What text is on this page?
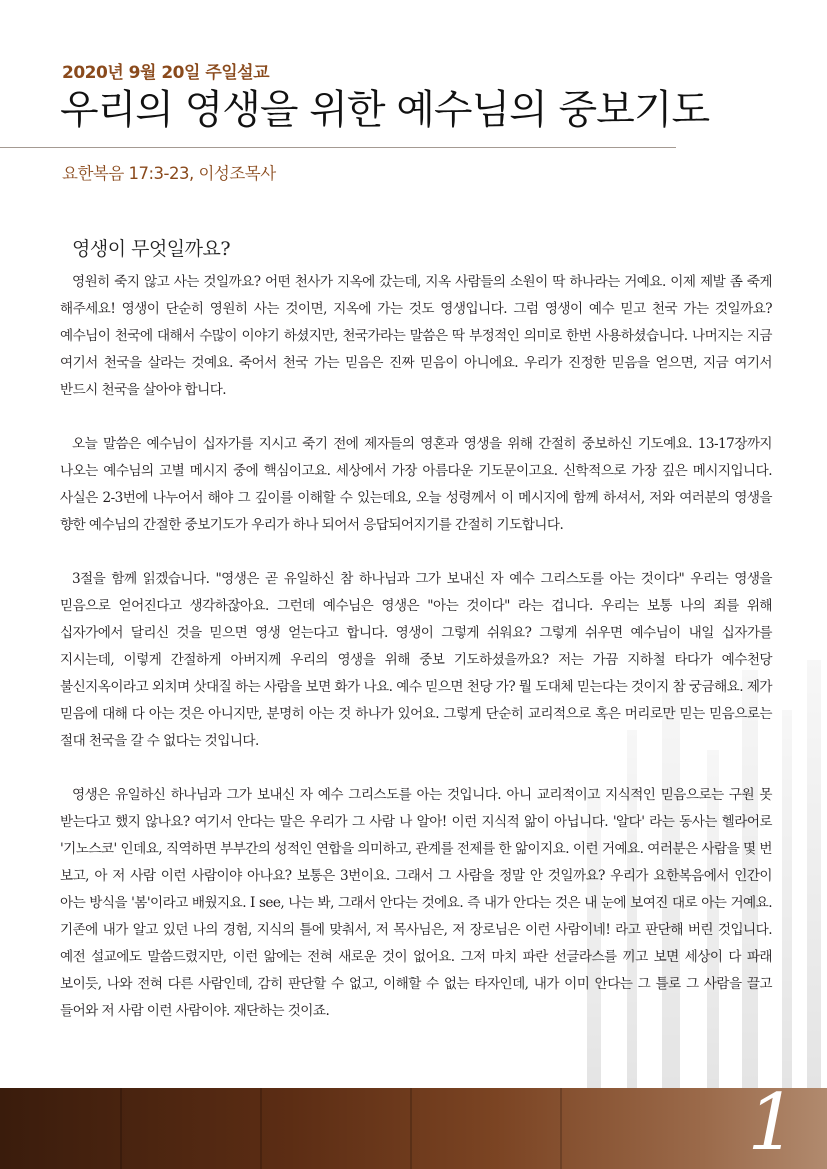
2020년 9월 20일 주일설교
우리의 영생을 위한 예수님의 중보기도
요한복음 17:3-23, 이성조목사
영생이 무엇일까요?

영원히 죽지 않고 사는 것일까요? 어떤 천사가 지옥에 갔는데, 지옥 사람들의 소원이 딱 하나라는 거예요. 이제 제발 좀 죽게 해주세요! 영생이 단순히 영원히 사는 것이면, 지옥에 가는 것도 영생입니다. 그럼 영생이 예수 믿고 천국 가는 것일까요? 예수님이 천국에 대해서 수많이 이야기 하셨지만, 천국가라는 말씀은 딱 부정적인 의미로 한번 사용하셨습니다. 나머지는 지금 여기서 천국을 살라는 것예요. 죽어서 천국 가는 믿음은 진짜 믿음이 아니에요. 우리가 진정한 믿음을 얻으면, 지금 여기서 반드시 천국을 살아야 합니다.

오늘 말씀은 예수님이 십자가를 지시고 죽기 전에 제자들의 영혼과 영생을 위해 간절히 중보하신 기도예요. 13-17장까지 나오는 예수님의 고별 메시지 중에 핵심이고요. 세상에서 가장 아름다운 기도문이고요. 신학적으로 가장 깊은 메시지입니다. 사실은 2-3번에 나누어서 해야 그 깊이를 이해할 수 있는데요, 오늘 성령께서 이 메시지에 함께 하셔서, 저와 여러분의 영생을 향한 예수님의 간절한 중보기도가 우리가 하나 되어서 응답되어지기를 간절히 기도합니다.

3절을 함께 읽겠습니다. "영생은 곧 유일하신 참 하나님과 그가 보내신 자 예수 그리스도를 아는 것이다" 우리는 영생을 믿음으로 얻어진다고 생각하잖아요. 그런데 예수님은 영생은 "아는 것이다" 라는 겁니다. 우리는 보통 나의 죄를 위해 십자가에서 달리신 것을 믿으면 영생 얻는다고 합니다. 영생이 그렇게 쉬워요? 그렇게 쉬우면 예수님이 내일 십자가를 지시는데, 이렇게 간절하게 아버지께 우리의 영생을 위해 중보 기도하셨을까요? 저는 가끔 지하철 타다가 예수천당 불신지옥이라고 외치며 삿대질 하는 사람을 보면 화가 나요. 예수 믿으면 천당 가? 뭘 도대체 믿는다는 것이지 참 궁금해요. 제가 믿음에 대해 다 아는 것은 아니지만, 분명히 아는 것 하나가 있어요. 그렇게 단순히 교리적으로 혹은 머리로만 믿는 믿음으로는 절대 천국을 갈 수 없다는 것입니다.

영생은 유일하신 하나님과 그가 보내신 자 예수 그리스도를 아는 것입니다. 아니 교리적이고 지식적인 믿음으로는 구원 못 받는다고 했지 않나요? 여기서 안다는 말은 우리가 그 사람 나 알아! 이런 지식적 앎이 아닙니다. '알다' 라는 동사는 헬라어로 '기노스코' 인데요, 직역하면 부부간의 성적인 연합을 의미하고, 관계를 전제를 한 앎이지요. 이런 거예요. 여러분은 사람을 몇 번 보고, 아 저 사람 이런 사람이야 아나요? 보통은 3번이요. 그래서 그 사람을 정말 안 것일까요? 우리가 요한복음에서 인간이 아는 방식을 '봄'이라고 배웠지요. I see, 나는 봐, 그래서 안다는 것에요. 즉 내가 안다는 것은 내 눈에 보여진 대로 아는 거예요. 기존에 내가 알고 있던 나의 경험, 지식의 틀에 맞춰서, 저 목사님은, 저 장로님은 이런 사람이네! 라고 판단해 버린 것입니다. 예전 설교에도 말씀드렸지만, 이런 앎에는 전혀 새로운 것이 없어요. 그저 마치 파란 선글라스를 끼고 보면 세상이 다 파래 보이듯, 나와 전혀 다른 사람인데, 감히 판단할 수 없고, 이해할 수 없는 타자인데, 내가 이미 안다는 그 틀로 그 사람을 끌고 들어와 저 사람 이런 사람이야. 재단하는 것이죠.

1
